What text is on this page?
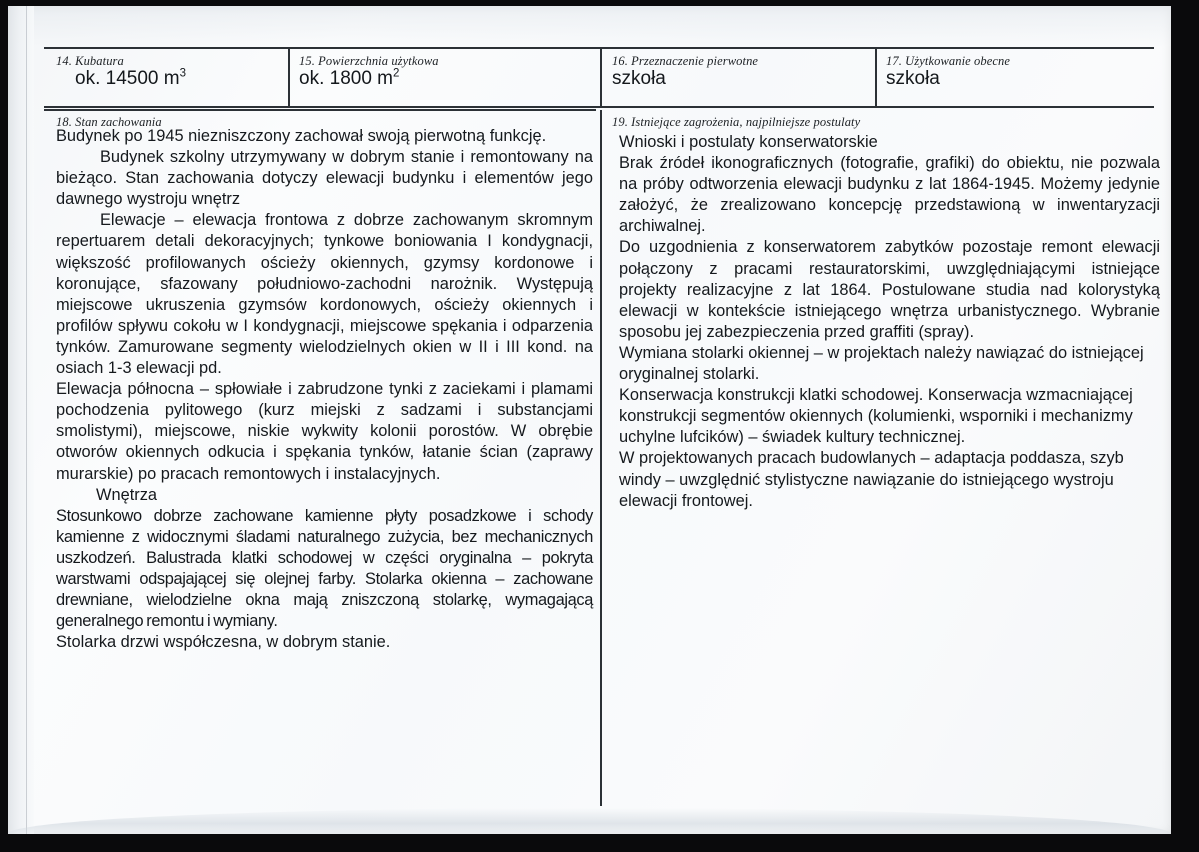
14. Kubatura
ok. 14500 $m^3$
15. Powierzchnia użytkowa
ok. 1800 $m^2$
16. Przeznaczenie pierwotne
szkoła
17. Użytkowanie obecne
szkoła
18. Stan zachowania	19. Istniejące zagrożenia, najpilniejsze postulaty

Budynek po 1945 niezniszczony zachował swoją pierwotną funkcję.

Budynek szkolny utrzymywany w dobrym stanie i remontowany na bieżąco. Stan zachowania dotyczy elewacji budynku i elementów jego dawnego wystroju wnętrz

Elewacje – elewacja frontowa z dobrze zachowanym skromnym repertuarem detali dekoracyjnych; tynkowe boniowania I kondygnacji, większość profilowanych ościeży okiennych, gzymsy kordonowe i koronujące, sfazowany południowo-zachodni narożnik. Występują miejscowe ukruszenia gzymsów kordonowych, ościeży okiennych i profilów spływu cokołu w I kondygnacji, miejscowe spękania i odparzenia tynków. Zamurowane segmenty wielodzielnych okien w II i III kond. na osiach 1-3 elewacji pd.

Elewacja północna – spłowiałe i zabrudzone tynki z zaciekami i plamami pochodzenia pylitowego (kurz miejski z sadzami i substancjami smolistymi), miejscowe, niskie wykwity kolonii porostów. W obrębie otworów okiennych odkucia i spękania tynków, łatanie ścian (zaprawy murarskie) po pracach remontowych i instalacyjnych.

Wnętrza

Stosunkowo dobrze zachowane kamienne płyty posadzkowe i schody kamienne z widocznymi śladami naturalnego zużycia, bez mechanicznych uszkodzeń. Balustrada klatki schodowej w części oryginalna – pokryta warstwami odspajającej się olejnej farby. Stolarka okienna – zachowane drewniane, wielodzielne okna mają zniszczoną stolarkę, wymagającą generalnego remontu i wymiany.

Stolarka drzwi współczesna, w dobrym stanie.

Wnioski i postulaty konserwatorskie

Brak źródeł ikonograficznych (fotografie, grafiki) do obiektu, nie pozwala na próby odtworzenia elewacji budynku z lat 1864-1945. Możemy jedynie założyć, że zrealizowano koncepcję przedstawioną w inwentaryzacji archiwalnej.

Do uzgodnienia z konserwatorem zabytków pozostaje remont elewacji połączony z pracami restauratorskimi, uwzględniającymi istniejące projekty realizacyjne z lat 1864. Postulowane studia nad kolorystyką elewacji w kontekście istniejącego wnętrza urbanistycznego. Wybranie sposobu jej zabezpieczenia przed graffiti (spray).

Wymiana stolarki okiennej – w projektach należy nawiązać do istniejącej oryginalnej stolarki.

Konserwacja konstrukcji klatki schodowej. Konserwacja wzmacniającej konstrukcji segmentów okiennych (kolumienki, wsporniki i mechanizmy uchylne lufcików) – świadek kultury technicznej.

W projektowanych pracach budowlanych – adaptacja poddasza, szyb windy – uwzględnić stylistyczne nawiązanie do istniejącego wystroju elewacji frontowej.
